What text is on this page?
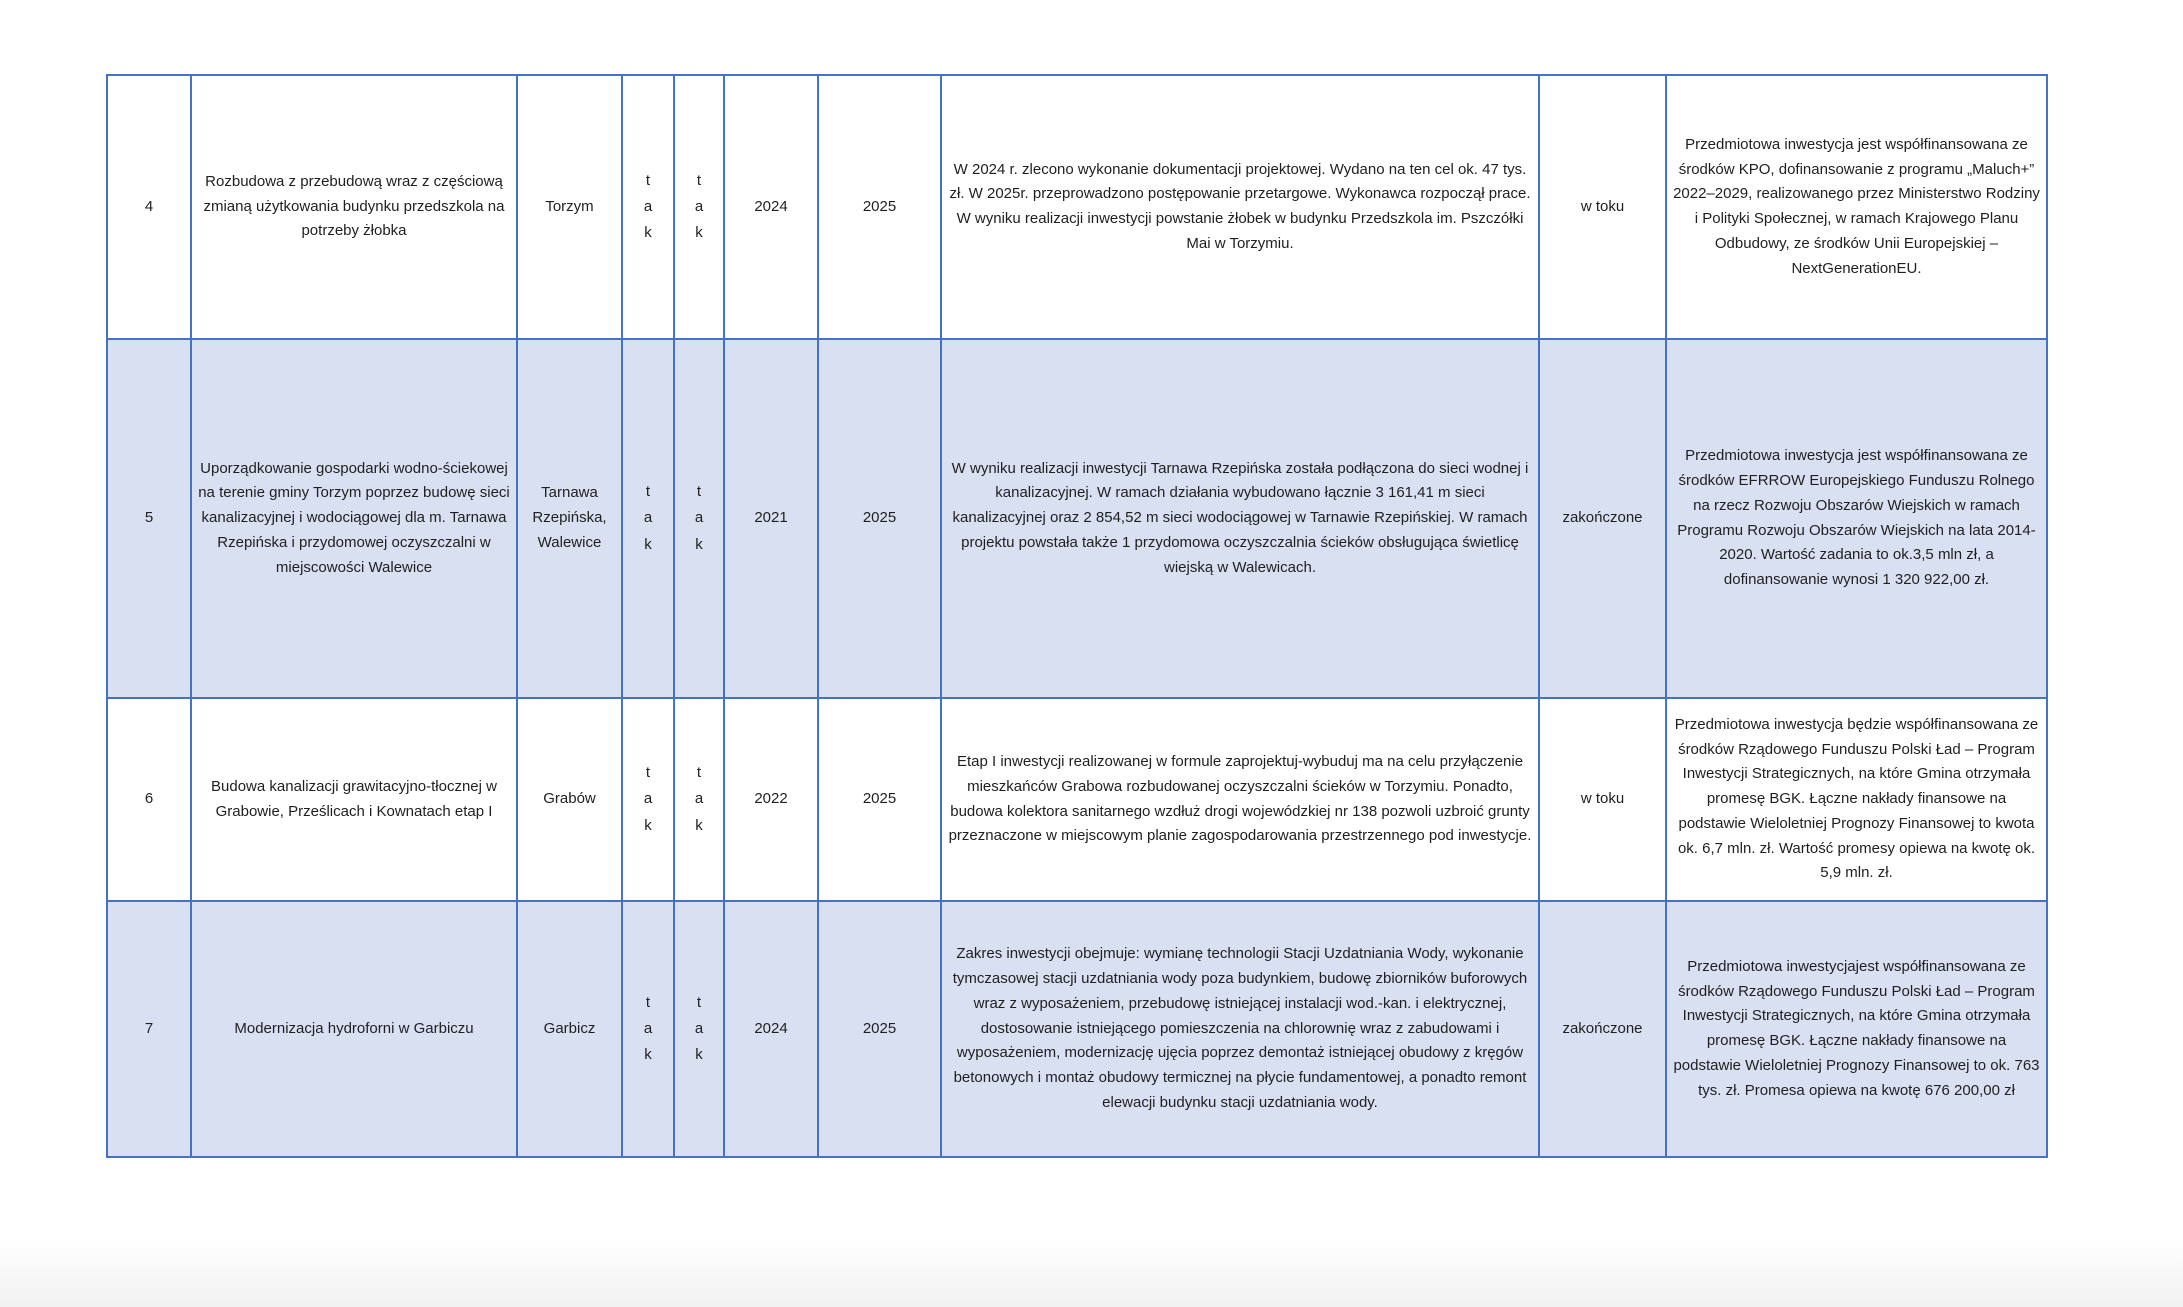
4	Rozbudowa z przebudową wraz z częściową zmianą użytkowania budynku przedszkola na potrzeby żłobka	Torzym	tak	tak	2024	2025	W 2024 r. zlecono wykonanie dokumentacji projektowej. Wydano na ten cel ok. 47 tys. zł. W 2025r. przeprowadzono postępowanie przetargowe. Wykonawca rozpoczął prace. W wyniku realizacji inwestycji powstanie żłobek w budynku Przedszkola im. Pszczółki Mai w Torzymiu.	w toku	Przedmiotowa inwestycja jest współfinansowana ze środków KPO, dofinansowanie z programu „Maluch+” 2022–2029, realizowanego przez Ministerstwo Rodziny i Polityki Społecznej, w ramach Krajowego Planu Odbudowy, ze środków Unii Europejskiej – NextGenerationEU.
5	Uporządkowanie gospodarki wodno-ściekowej na terenie gminy Torzym poprzez budowę sieci kanalizacyjnej i wodociągowej dla m. Tarnawa Rzepińska i przydomowej oczyszczalni w miejscowości Walewice	Tarnawa Rzepińska, Walewice	tak	tak	2021	2025	W wyniku realizacji inwestycji Tarnawa Rzepińska została podłączona do sieci wodnej i kanalizacyjnej. W ramach działania wybudowano łącznie 3 161,41 m sieci kanalizacyjnej oraz 2 854,52 m sieci wodociągowej w Tarnawie Rzepińskiej. W ramach projektu powstała także 1 przydomowa oczyszczalnia ścieków obsługująca świetlicę wiejską w Walewicach.	zakończone	Przedmiotowa inwestycja jest współfinansowana ze środków EFRROW Europejskiego Funduszu Rolnego na rzecz Rozwoju Obszarów Wiejskich w ramach Programu Rozwoju Obszarów Wiejskich na lata 2014-2020. Wartość zadania to ok.3,5 mln zł, a dofinansowanie wynosi 1 320 922,00 zł.
6	Budowa kanalizacji grawitacyjno-tłocznej w Grabowie, Prześlicach i Kownatach etap I	Grabów	tak	tak	2022	2025	Etap I inwestycji realizowanej w formule zaprojektuj-wybuduj ma na celu przyłączenie mieszkańców Grabowa rozbudowanej oczyszczalni ścieków w Torzymiu. Ponadto, budowa kolektora sanitarnego wzdłuż drogi wojewódzkiej nr 138 pozwoli uzbroić grunty przeznaczone w miejscowym planie zagospodarowania przestrzennego pod inwestycje.	w toku	Przedmiotowa inwestycja będzie współfinansowana ze środków Rządowego Funduszu Polski Ład – Program Inwestycji Strategicznych, na które Gmina otrzymała promesę BGK. Łączne nakłady finansowe na podstawie Wieloletniej Prognozy Finansowej to kwota ok. 6,7 mln. zł. Wartość promesy opiewa na kwotę ok. 5,9 mln. zł.
7	Modernizacja hydroforni w Garbiczu	Garbicz	tak	tak	2024	2025	Zakres inwestycji obejmuje: wymianę technologii Stacji Uzdatniania Wody, wykonanie tymczasowej stacji uzdatniania wody poza budynkiem, budowę zbiorników buforowych wraz z wyposażeniem, przebudowę istniejącej instalacji wod.-kan. i elektrycznej, dostosowanie istniejącego pomieszczenia na chlorownię wraz z zabudowami i wyposażeniem, modernizację ujęcia poprzez demontaż istniejącej obudowy z kręgów betonowych i montaż obudowy termicznej na płycie fundamentowej, a ponadto remont elewacji budynku stacji uzdatniania wody.	zakończone	Przedmiotowa inwestycjajest współfinansowana ze środków Rządowego Funduszu Polski Ład – Program Inwestycji Strategicznych, na które Gmina otrzymała promesę BGK. Łączne nakłady finansowe na podstawie Wieloletniej Prognozy Finansowej to ok. 763 tys. zł. Promesa opiewa na kwotę 676 200,00 zł
